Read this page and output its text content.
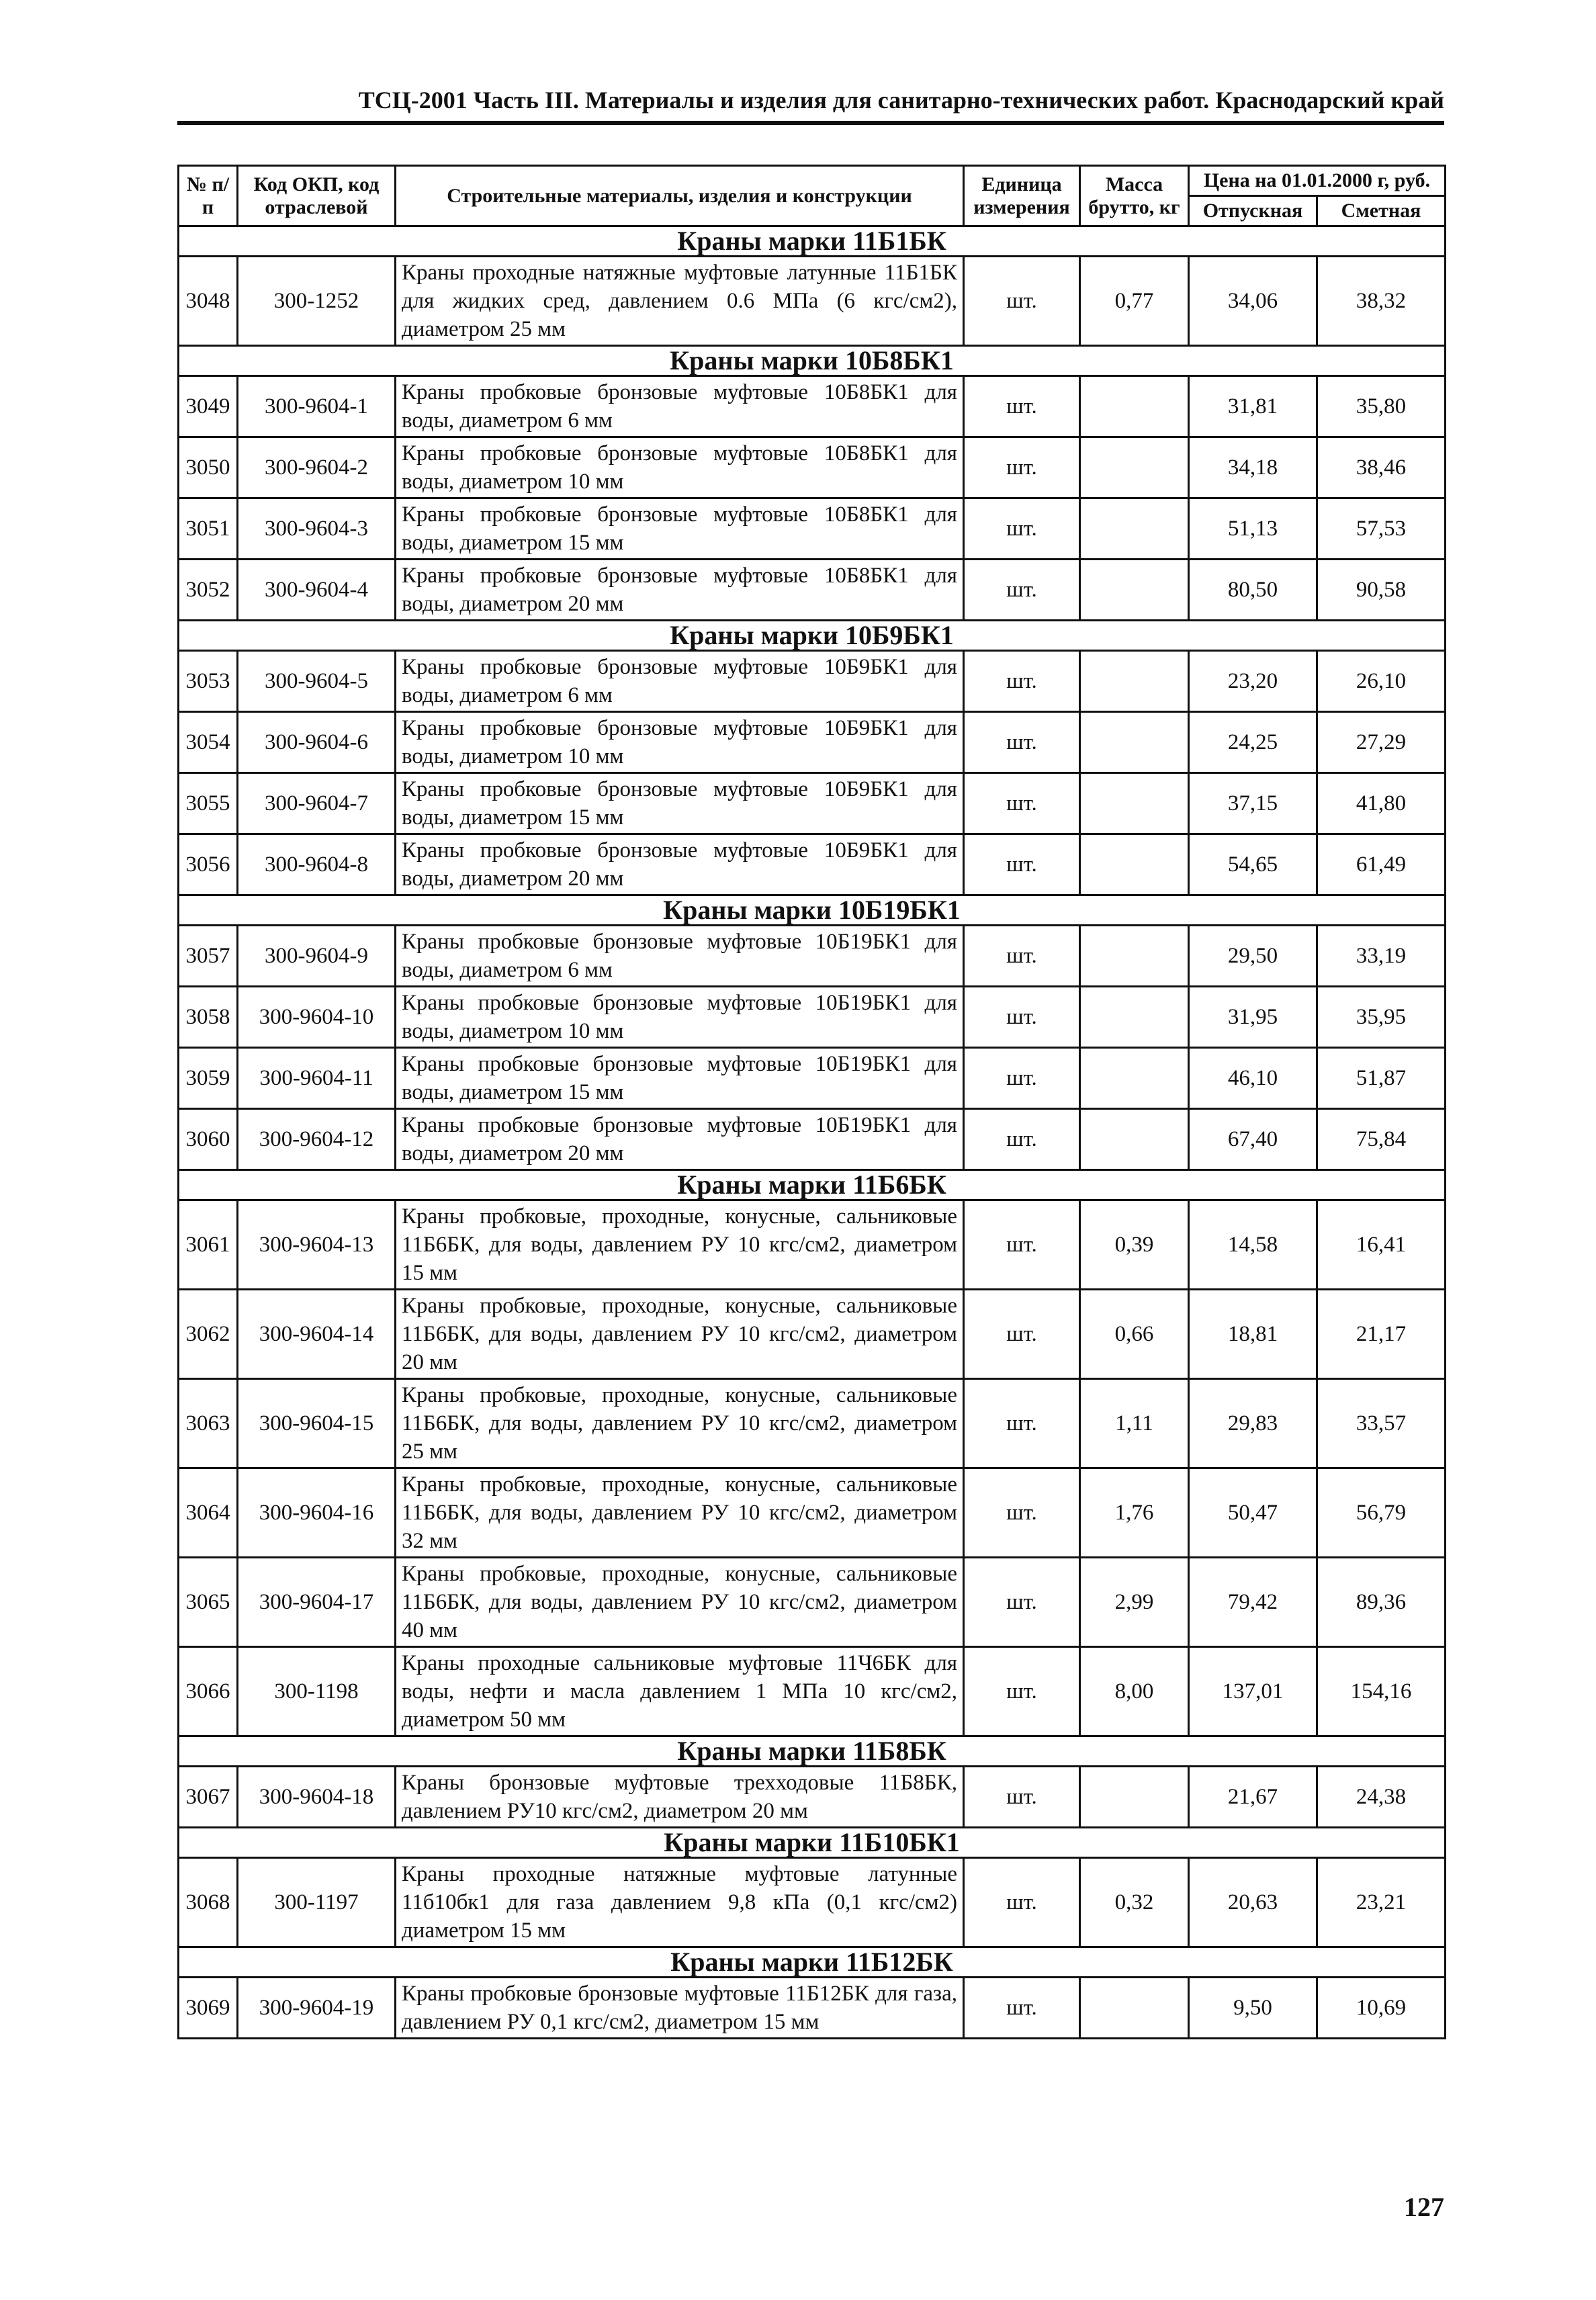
ТСЦ-2001 Часть III. Материалы и изделия для санитарно-технических работ. Краснодарский край
№ п/п	Код ОКП, код отраслевой	Строительные материалы, изделия и конструкции	Единица измерения	Масса брутто, кг	Цена на 01.01.2000 г, руб.	
					Отпускная	Сметная
Краны марки 11Б1БК						
3048	300-1252	Краны проходные натяжные муфтовые латунные 11Б1БК для жидких сред, давлением 0.6 МПа (6 кгс/см2), диаметром 25 мм	шт.	0,77	34,06	38,32
Краны марки 10Б8БК1						
3049	300-9604-1	Краны пробковые бронзовые муфтовые 10Б8БК1 для воды, диаметром 6 мм	шт.		31,81	35,80
3050	300-9604-2	Краны пробковые бронзовые муфтовые 10Б8БК1 для воды, диаметром 10 мм	шт.		34,18	38,46
3051	300-9604-3	Краны пробковые бронзовые муфтовые 10Б8БК1 для воды, диаметром 15 мм	шт.		51,13	57,53
3052	300-9604-4	Краны пробковые бронзовые муфтовые 10Б8БК1 для воды, диаметром 20 мм	шт.		80,50	90,58
Краны марки 10Б9БК1						
3053	300-9604-5	Краны пробковые бронзовые муфтовые 10Б9БК1 для воды, диаметром 6 мм	шт.		23,20	26,10
3054	300-9604-6	Краны пробковые бронзовые муфтовые 10Б9БК1 для воды, диаметром 10 мм	шт.		24,25	27,29
3055	300-9604-7	Краны пробковые бронзовые муфтовые 10Б9БК1 для воды, диаметром 15 мм	шт.		37,15	41,80
3056	300-9604-8	Краны пробковые бронзовые муфтовые 10Б9БК1 для воды, диаметром 20 мм	шт.		54,65	61,49
Краны марки 10Б19БК1						
3057	300-9604-9	Краны пробковые бронзовые муфтовые 10Б19БК1 для воды, диаметром 6 мм	шт.		29,50	33,19
3058	300-9604-10	Краны пробковые бронзовые муфтовые 10Б19БК1 для воды, диаметром 10 мм	шт.		31,95	35,95
3059	300-9604-11	Краны пробковые бронзовые муфтовые 10Б19БК1 для воды, диаметром 15 мм	шт.		46,10	51,87
3060	300-9604-12	Краны пробковые бронзовые муфтовые 10Б19БК1 для воды, диаметром 20 мм	шт.		67,40	75,84
Краны марки 11Б6БК						
3061	300-9604-13	Краны пробковые, проходные, конусные, сальниковые 11Б6БК, для воды, давлением РУ 10 кгс/см2, диаметром 15 мм	шт.	0,39	14,58	16,41
3062	300-9604-14	Краны пробковые, проходные, конусные, сальниковые 11Б6БК, для воды, давлением РУ 10 кгс/см2, диаметром 20 мм	шт.	0,66	18,81	21,17
3063	300-9604-15	Краны пробковые, проходные, конусные, сальниковые 11Б6БК, для воды, давлением РУ 10 кгс/см2, диаметром 25 мм	шт.	1,11	29,83	33,57
3064	300-9604-16	Краны пробковые, проходные, конусные, сальниковые 11Б6БК, для воды, давлением РУ 10 кгс/см2, диаметром 32 мм	шт.	1,76	50,47	56,79
3065	300-9604-17	Краны пробковые, проходные, конусные, сальниковые 11Б6БК, для воды, давлением РУ 10 кгс/см2, диаметром 40 мм	шт.	2,99	79,42	89,36
3066	300-1198	Краны проходные сальниковые муфтовые 11Ч6БК для воды, нефти и масла давлением 1 МПа 10 кгс/см2, диаметром 50 мм	шт.	8,00	137,01	154,16
Краны марки 11Б8БК						
3067	300-9604-18	Краны бронзовые муфтовые трехходовые 11Б8БК, давлением РУ10 кгс/см2, диаметром 20 мм	шт.		21,67	24,38
Краны марки 11Б10БК1						
3068	300-1197	Краны проходные натяжные муфтовые латунные 11б10бк1 для газа давлением 9,8 кПа (0,1 кгс/см2) диаметром 15 мм	шт.	0,32	20,63	23,21
Краны марки 11Б12БК						
3069	300-9604-19	Краны пробковые бронзовые муфтовые 11Б12БК для газа, давлением РУ 0,1 кгс/см2, диаметром 15 мм	шт.		9,50	10,69
127
